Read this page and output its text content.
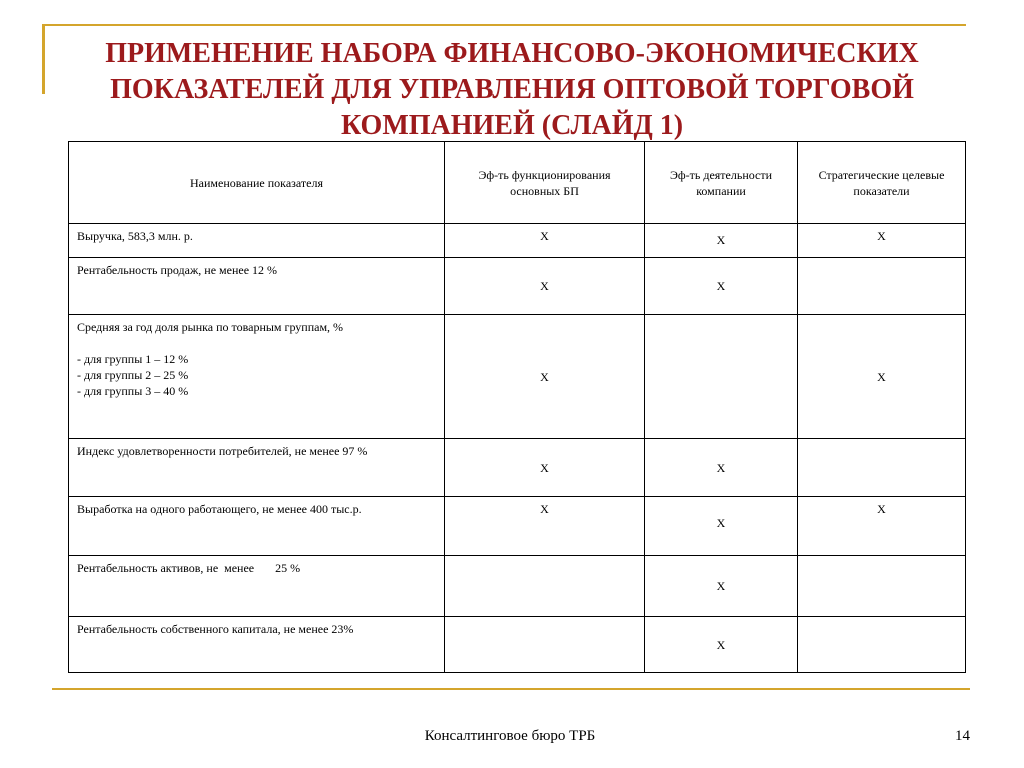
ПРИМЕНЕНИЕ НАБОРА ФИНАНСОВО-ЭКОНОМИЧЕСКИХ
ПОКАЗАТЕЛЕЙ ДЛЯ УПРАВЛЕНИЯ ОПТОВОЙ ТОРГОВОЙ
КОМПАНИЕЙ (СЛАЙД 1)
Наименование показателя	Эф-ть функционирования основных БП	Эф-ть деятельности компании	Стратегические целевые показатели
Выручка, 583,3 млн. р.	Х	Х	Х
Рентабельность продаж, не менее 12 %	Х	Х	
Средняя за год доля рынка по товарным группам, %
- для группы 1 – 12 %
- для группы 2 – 25 %
- для группы 3 – 40 %	Х		Х
Индекс удовлетворенности потребителей, не менее 97 %	Х	Х	
Выработка на одного работающего, не менее 400 тыс.р.	Х	Х	Х
Рентабельность активов, не  менее       25 %		Х	
Рентабельность собственного капитала, не менее 23%		Х	
Консалтинговое бюро ТРБ	14
